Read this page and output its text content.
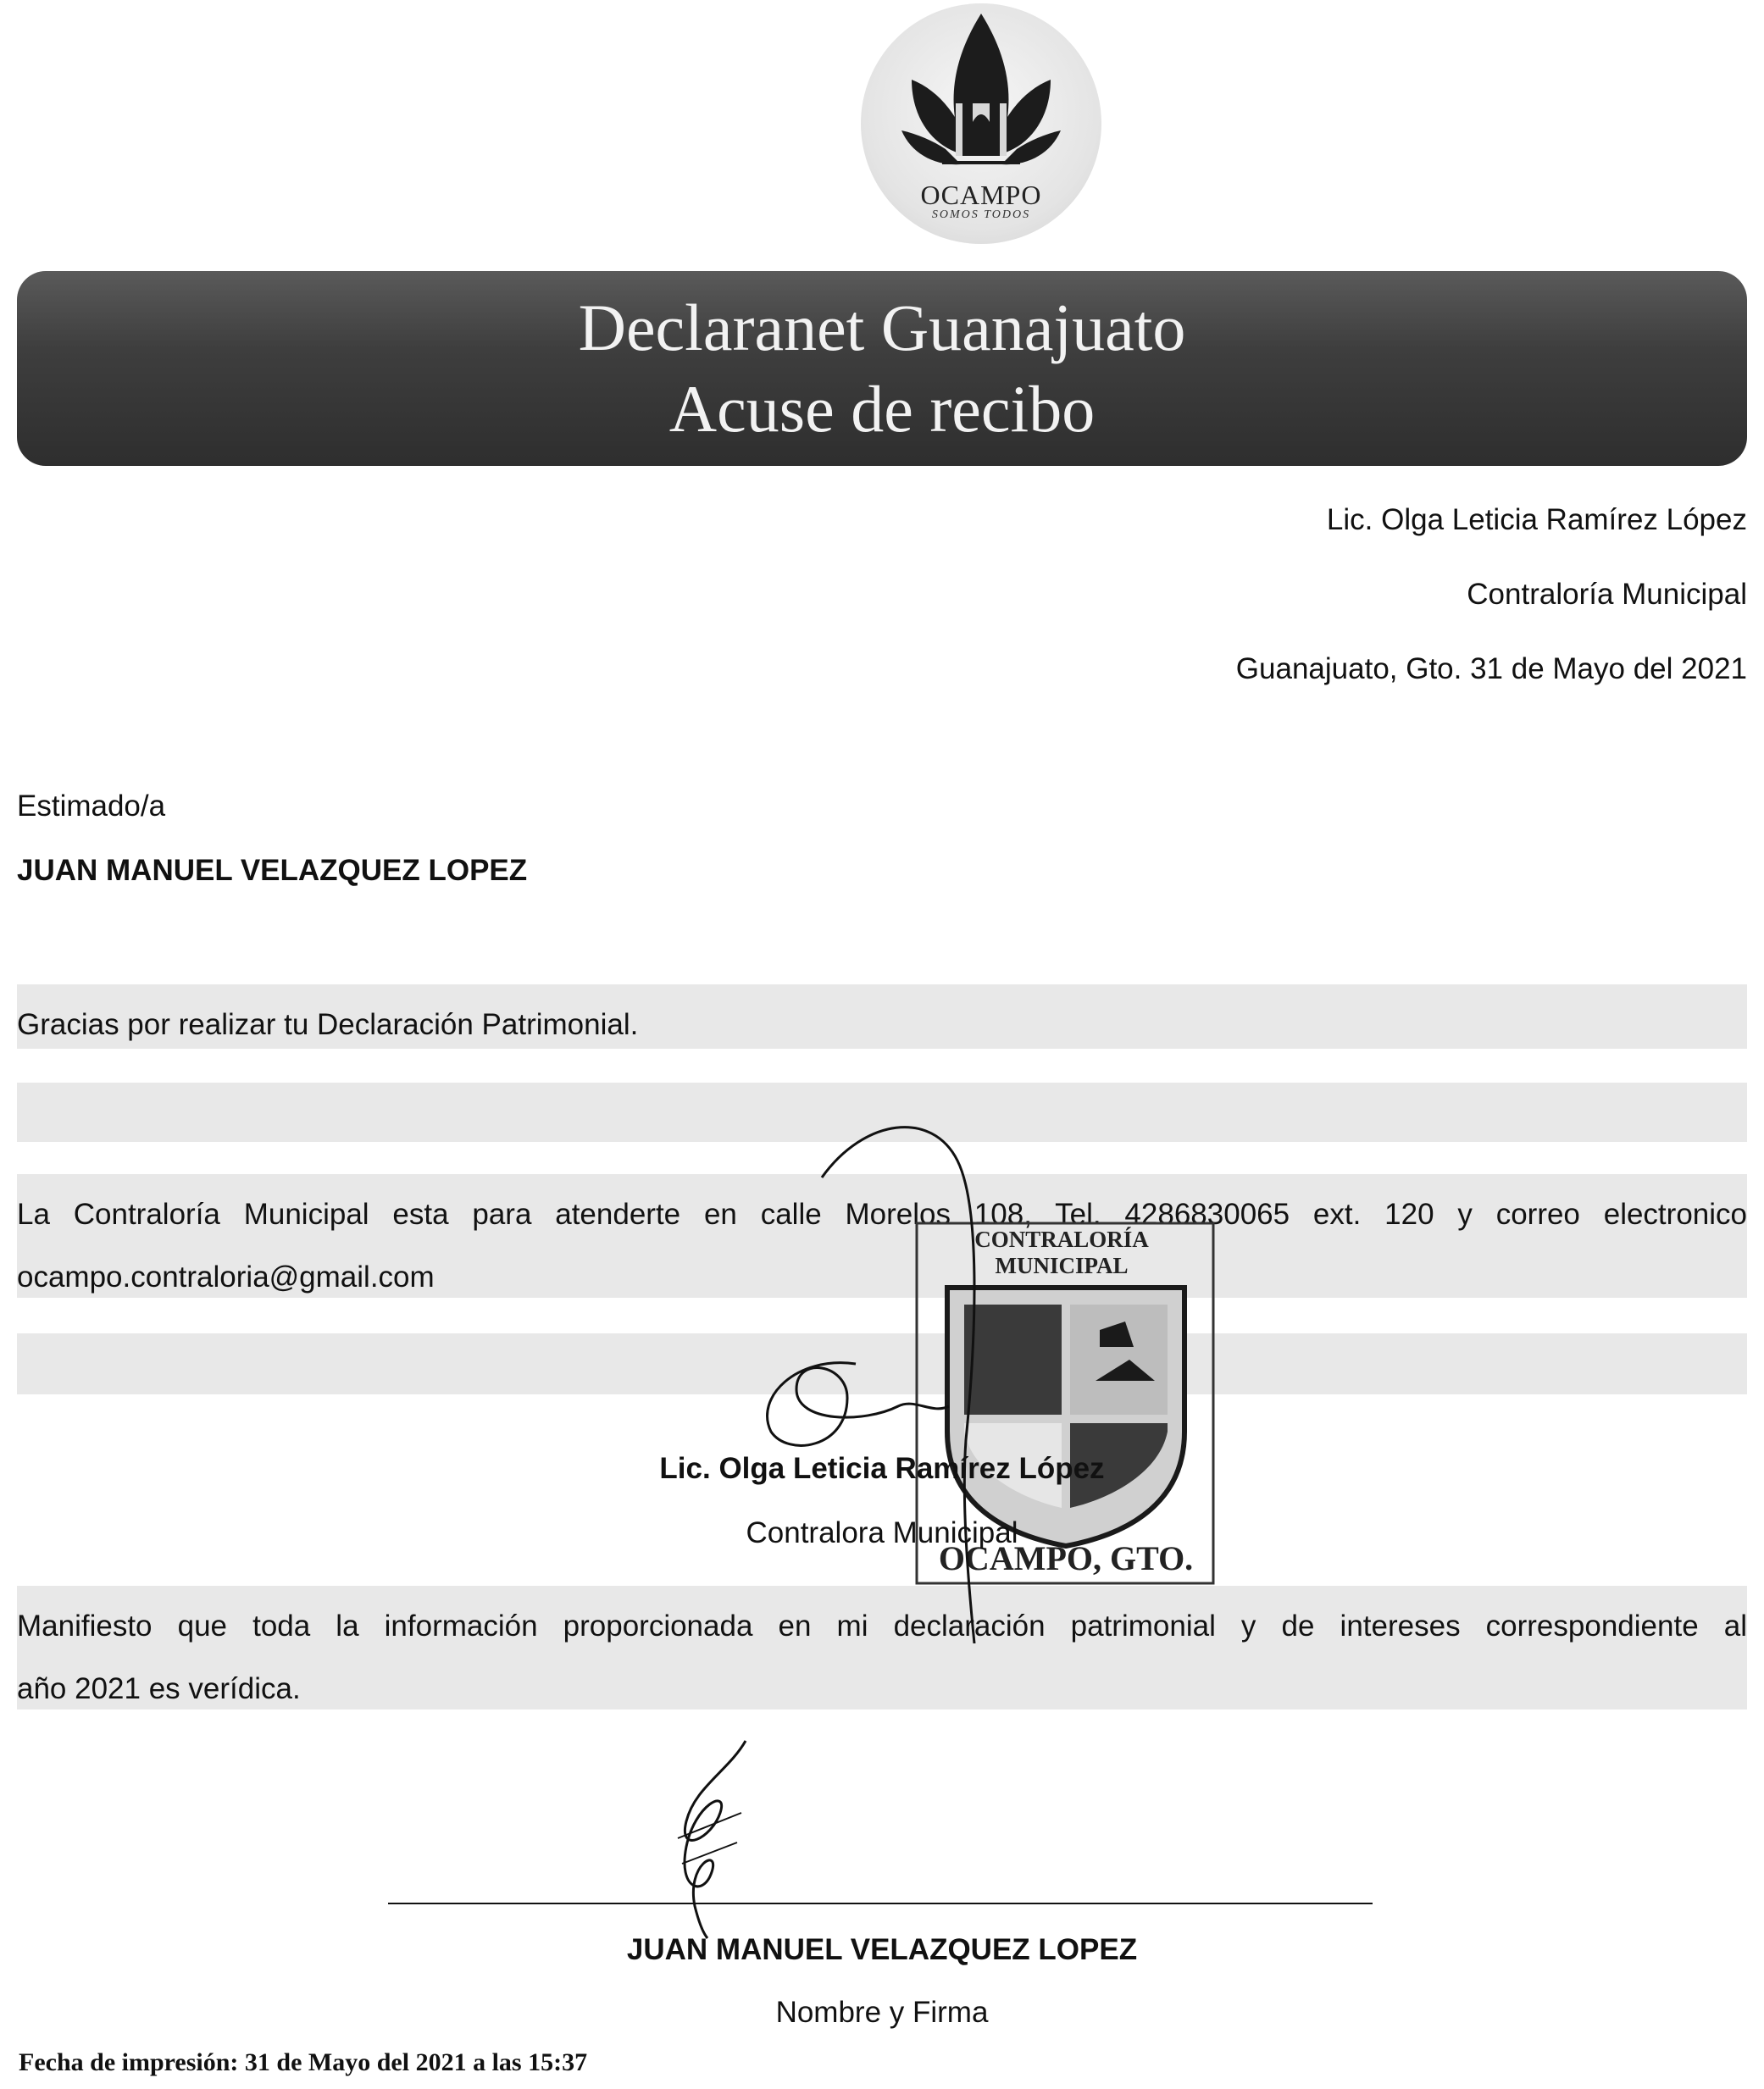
OCAMPO
SOMOS TODOS
Declaranet Guanajuato
Acuse de recibo
Lic. Olga Leticia Ramírez López
Contraloría Municipal
Guanajuato, Gto. 31 de Mayo del 2021
Estimado/a
JUAN MANUEL VELAZQUEZ LOPEZ
Gracias por realizar tu Declaración Patrimonial.
La Contraloría Municipal esta para atenderte en calle Morelos 108, Tel. 4286830065 ext. 120 y correo electronico
ocampo.contraloria@gmail.com
CONTRALORÍA MUNICIPAL
OCAMPO, GTO.
Lic. Olga Leticia Ramírez López
Contralora Municipal
Manifiesto que toda la información proporcionada en mi declaración patrimonial y de intereses correspondiente al
año 2021 es verídica.
JUAN MANUEL VELAZQUEZ LOPEZ
Nombre y Firma
Fecha de impresión: 31 de Mayo del 2021 a las 15:37
